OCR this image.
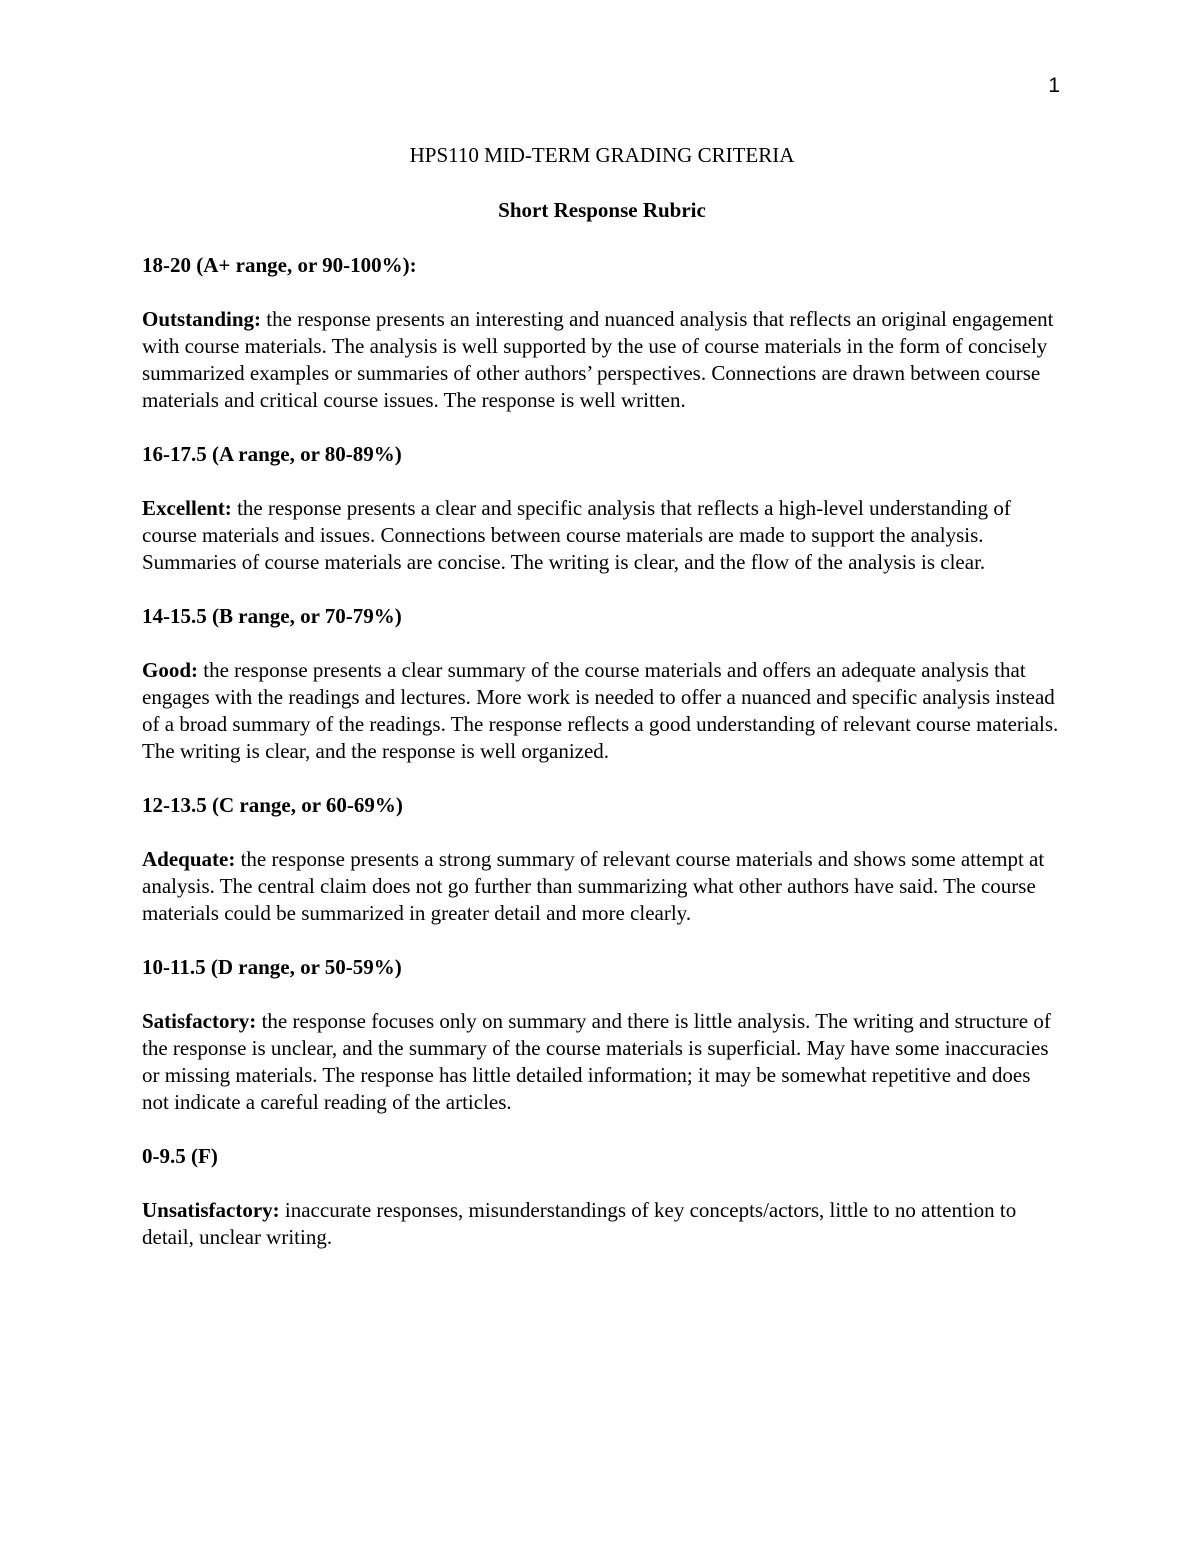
1
HPS110 MID-TERM GRADING CRITERIA
Short Response Rubric

18-20 (A+ range, or 90-100%):

Outstanding: the response presents an interesting and nuanced analysis that reflects an original engagement with course materials. The analysis is well supported by the use of course materials in the form of concisely summarized examples or summaries of other authors’ perspectives. Connections are drawn between course materials and critical course issues. The response is well written.

16-17.5 (A range, or 80-89%)

Excellent: the response presents a clear and specific analysis that reflects a high-level understanding of course materials and issues. Connections between course materials are made to support the analysis. Summaries of course materials are concise. The writing is clear, and the flow of the analysis is clear.

14-15.5 (B range, or 70-79%)

Good: the response presents a clear summary of the course materials and offers an adequate analysis that engages with the readings and lectures. More work is needed to offer a nuanced and specific analysis instead of a broad summary of the readings. The response reflects a good understanding of relevant course materials. The writing is clear, and the response is well organized.

12-13.5 (C range, or 60-69%)

Adequate: the response presents a strong summary of relevant course materials and shows some attempt at analysis. The central claim does not go further than summarizing what other authors have said. The course materials could be summarized in greater detail and more clearly.

10-11.5 (D range, or 50-59%)

Satisfactory: the response focuses only on summary and there is little analysis. The writing and structure of the response is unclear, and the summary of the course materials is superficial. May have some inaccuracies or missing materials. The response has little detailed information; it may be somewhat repetitive and does not indicate a careful reading of the articles.

0-9.5 (F)

Unsatisfactory: inaccurate responses, misunderstandings of key concepts/actors, little to no attention to detail, unclear writing.
